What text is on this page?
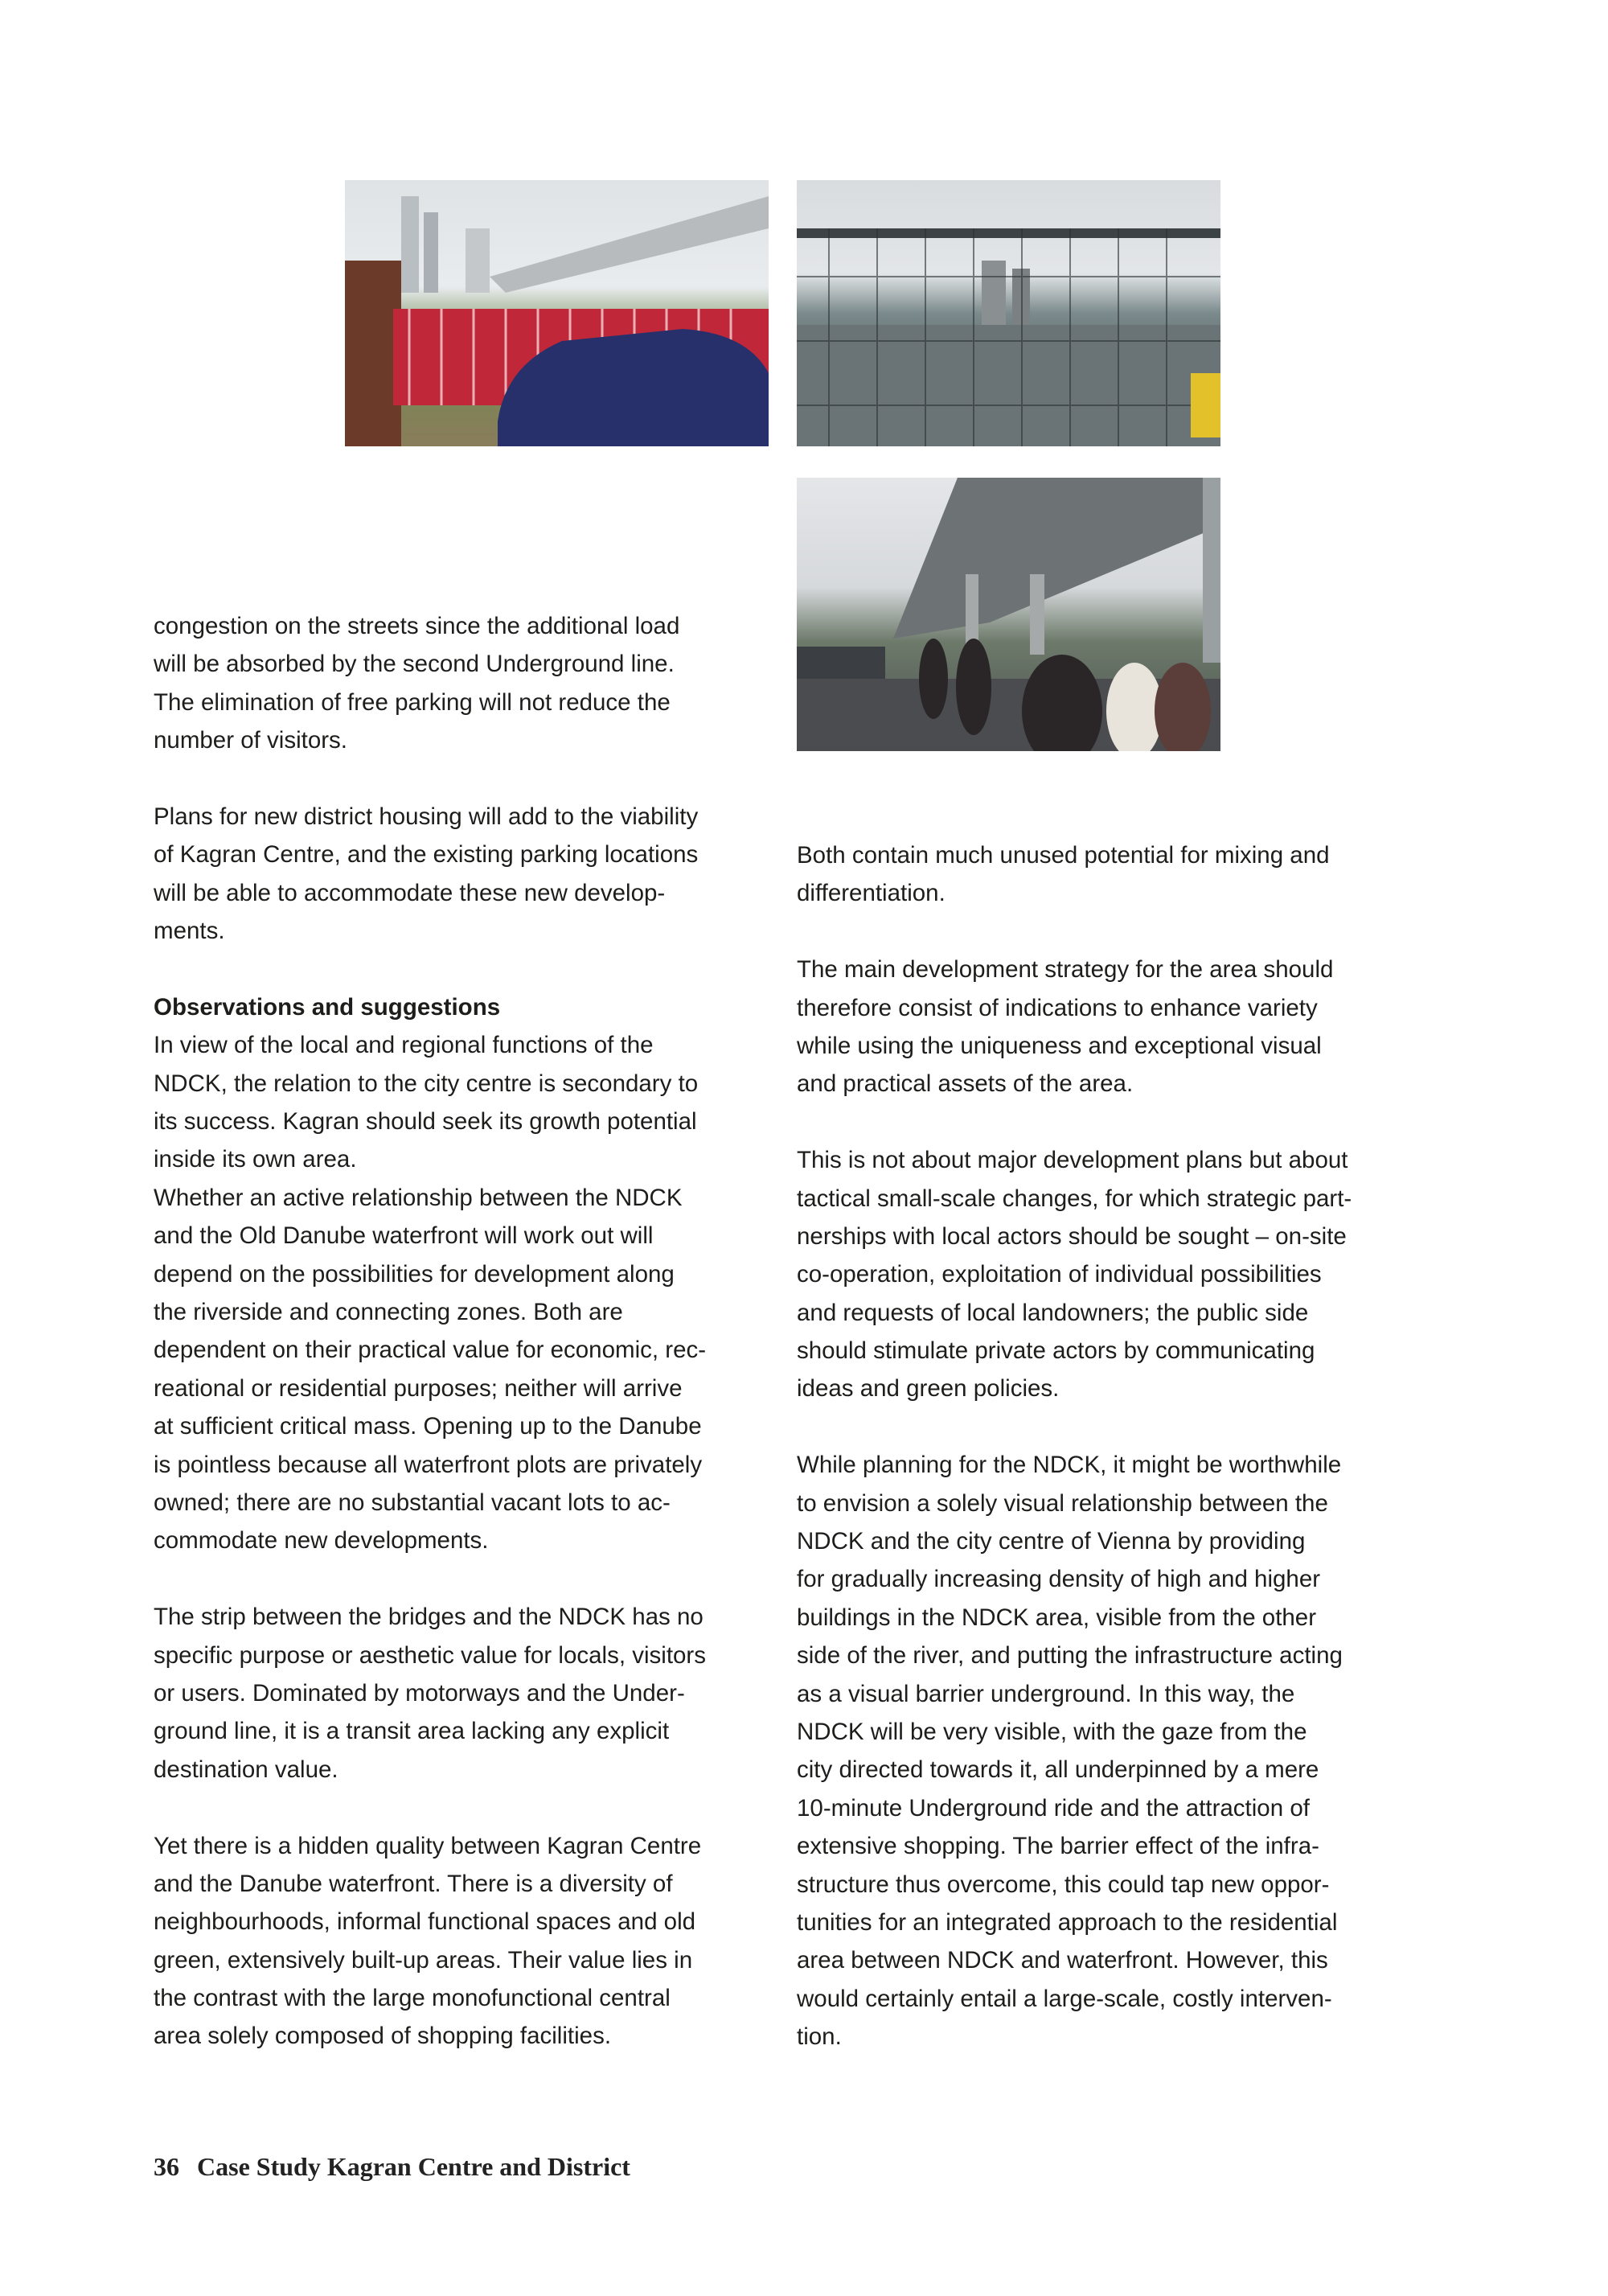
congestion on the streets since the additional load
will be absorbed by the second Underground line.
The elimination of free parking will not reduce the
number of visitors.
Plans for new district housing will add to the viability
of Kagran Centre, and the existing parking locations
will be able to accommodate these new develop-
ments.
Observations and suggestions
In view of the local and regional functions of the
NDCK, the relation to the city centre is secondary to
its success. Kagran should seek its growth potential
inside its own area.
Whether an active relationship between the NDCK
and the Old Danube waterfront will work out will
depend on the possibilities for development along
the riverside and connecting zones. Both are
dependent on their practical value for economic, rec-
reational or residential purposes; neither will arrive
at sufficient critical mass. Opening up to the Danube
is pointless because all waterfront plots are privately
owned; there are no substantial vacant lots to ac-
commodate new developments.
The strip between the bridges and the NDCK has no
specific purpose or aesthetic value for locals, visitors
or users. Dominated by motorways and the Under-
ground line, it is a transit area lacking any explicit
destination value.
Yet there is a hidden quality between Kagran Centre
and the Danube waterfront. There is a diversity of
neighbourhoods, informal functional spaces and old
green, extensively built-up areas. Their value lies in
the contrast with the large monofunctional central
area solely composed of shopping facilities.
Both contain much unused potential for mixing and
differentiation.
The main development strategy for the area should
therefore consist of indications to enhance variety
while using the uniqueness and exceptional visual
and practical assets of the area.
This is not about major development plans but about
tactical small-scale changes, for which strategic part-
nerships with local actors should be sought – on-site
co-operation, exploitation of individual possibilities
and requests of local landowners; the public side
should stimulate private actors by communicating
ideas and green policies.
While planning for the NDCK, it might be worthwhile
to envision a solely visual relationship between the
NDCK and the city centre of Vienna by providing
for gradually increasing density of high and higher
buildings in the NDCK area, visible from the other
side of the river, and putting the infrastructure acting
as a visual barrier underground. In this way, the
NDCK will be very visible, with the gaze from the
city directed towards it, all underpinned by a mere
10-minute Underground ride and the attraction of
extensive shopping. The barrier effect of the infra-
structure thus overcome, this could tap new oppor-
tunities for an integrated approach to the residential
area between NDCK and waterfront. However, this
would certainly entail a large-scale, costly interven-
tion.
36 Case Study Kagran Centre and District
